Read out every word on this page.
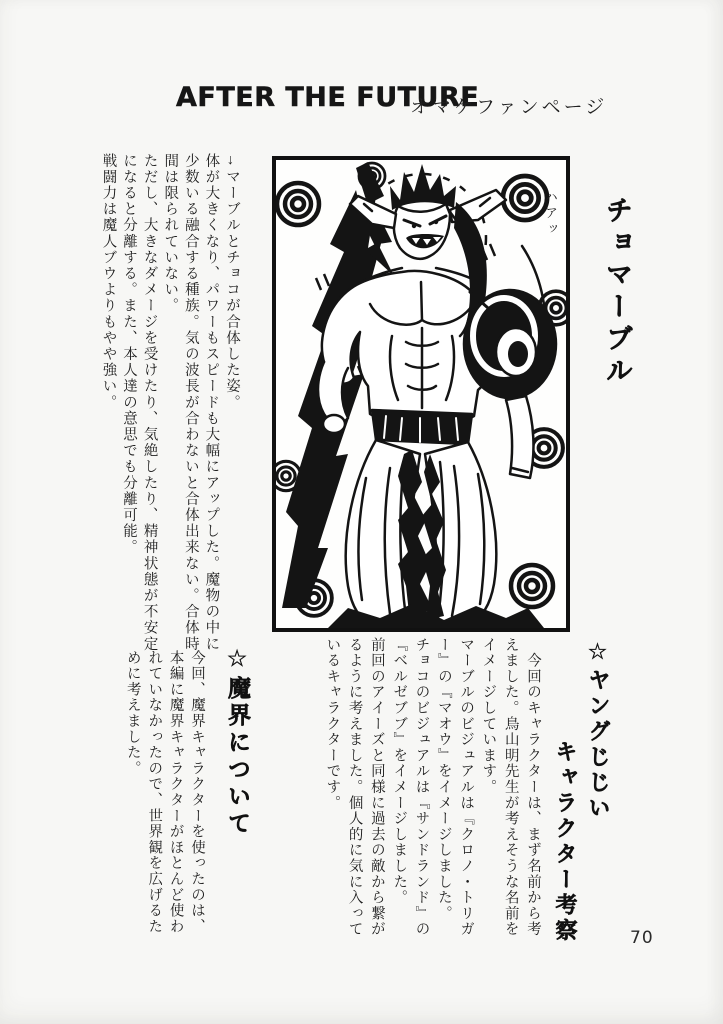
AFTER THE FUTURE
オマケファンページ
→マーブルとチョコが合体した姿。
体が大きくなり、パワーもスピードも大幅にアップした。魔物の中に
少数いる融合する種族。気の波長が合わないと合体出来ない。合体時
間は限られていない。
ただし、大きなダメージを受けたり、気絶したり、精神状態が不安定
になると分離する。また、本人達の意思でも分離可能。
戦闘力は魔人ブウよりもやや強い。	ハアッ チョマーブル
☆ヤングじじい
キャラクター考察
　今回のキャラクターは、まず名前から考
えました。鳥山明先生が考えそうな名前を
イメージしています。
マーブルのビジュアルは『クロノ・トリガ
ー』の『マオウ』をイメージしました。
チョコのビジュアルは『サンドランド』の
『ベルゼブブ』をイメージしました。
前回のアイーズと同様に過去の敵から繋が
るように考えました。個人的に気に入って
いるキャラクターです。
☆魔界について
今回、魔界キャラクターを使ったのは、
本編に魔界キャラクターがほとんど使わ
れていなかったので、世界観を広げるた
めに考えました。
70
